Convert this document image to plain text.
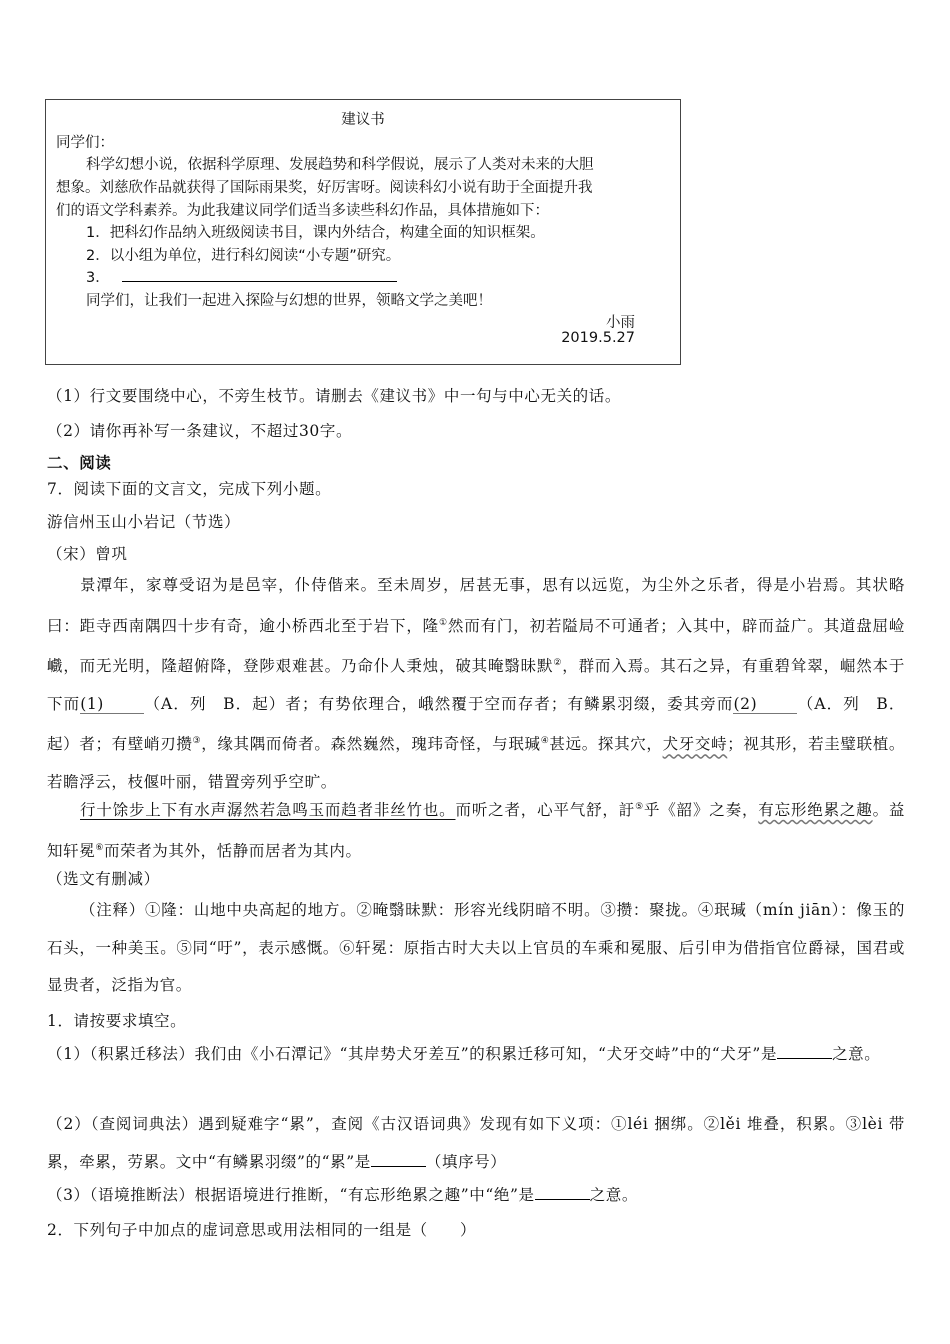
建议书
同学们：
科学幻想小说，依据科学原理、发展趋势和科学假说，展示了人类对未来的大胆
想象。刘慈欣作品就获得了国际雨果奖，好厉害呀。阅读科幻小说有助于全面提升我
们的语文学科素养。为此我建议同学们适当多读些科幻作品，具体措施如下：
1．把科幻作品纳入班级阅读书目，课内外结合，构建全面的知识框架。
2．以小组为单位，进行科幻阅读“小专题”研究。
3．
同学们，让我们一起进入探险与幻想的世界，领略文学之美吧！
小雨
2019.5.27
（1）行文要围绕中心，不旁生枝节。请删去《建议书》中一句与中心无关的话。
（2）请你再补写一条建议，不超过30字。
二、阅读
7．阅读下面的文言文，完成下列小题。
游信州玉山小岩记（节选）
（宋）曾巩
景潭年，家尊受诏为是邑宰，仆侍偕来。至未周岁，居甚无事，思有以远览，为尘外之乐者，得是小岩焉。其状略曰：距寺西南隅四十步有奇，逾小桥西北至于岩下，隆①然而有门，初若隘局不可通者；入其中，辟而益广。其道盘屈崄巇，而无光明，隆超俯降，登陟艰难甚。乃命仆人秉烛，破其晻翳昧默②，群而入焉。其石之异，有重碧耸翠，崛然本于下而(1)	（A．列　B．起）者；有势依理合，峨然覆于空而存者；有鳞累羽缀，委其旁而(2)	（A．列　B．起）者；有壁峭刃攒③，缘其隅而倚者。森然巍然，瑰玮奇怪，与珉瑊④甚远。探其穴，犬牙交峙；视其形，若圭璧联植。若瞻浮云，枝偃叶丽，错置旁列乎空旷。
行十馀步上下有水声潺然若急鸣玉而趋者非丝竹也。而听之者，心平气舒，訏⑤乎《韶》之奏，有忘形绝累之趣。益知轩冕⑥而荣者为其外，恬静而居者为其内。
（选文有删减）
（注释）①隆：山地中央高起的地方。②晻翳昧默：形容光线阴暗不明。③攒：聚拢。④珉瑊（mín jiān）：像玉的石头，一种美玉。⑤同“吁”，表示感慨。⑥轩冕：原指古时大夫以上官员的车乘和冕服、后引申为借指官位爵禄，国君或显贵者，泛指为官。
1．请按要求填空。
（1）（积累迁移法）我们由《小石潭记》“其岸势犬牙差互”的积累迁移可知，“犬牙交峙”中的“犬牙”是	之意。
（2）（查阅词典法）遇到疑难字“累”，查阅《古汉语词典》发现有如下义项：①léi 捆绑。②lěi 堆叠，积累。③lèi 带累，牵累，劳累。文中“有鳞累羽缀”的“累”是	（填序号）
（3）（语境推断法）根据语境进行推断，“有忘形绝累之趣”中“绝”是	之意。
2．下列句子中加点的虚词意思或用法相同的一组是（　　）
